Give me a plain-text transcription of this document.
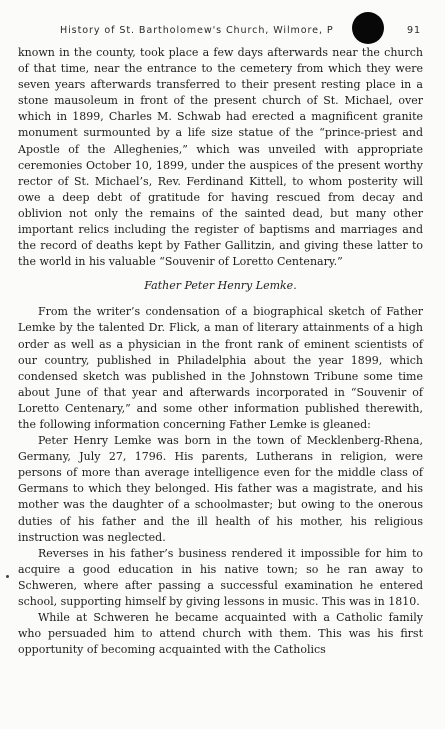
History of St. Bartholomew's Church, Wilmore, P	91

known in the county, took place a few days afterwards near the church of that time, near the entrance to the cemetery from which they were seven years afterwards transferred to their present resting place in a stone mausoleum in front of the present church of St. Michael, over which in 1899, Charles M. Schwab had erected a magnificent granite monument surmounted by a life size statue of the “prince-priest and Apostle of the Alleghenies,” which was unveiled with appropriate ceremonies October 10, 1899, under the auspices of the present worthy rector of St. Michael’s, Rev. Ferdinand Kittell, to whom posterity will owe a deep debt of gratitude for having rescued from decay and oblivion not only the remains of the sainted dead, but many other important relics including the register of baptisms and marriages and the record of deaths kept by Father Gallitzin, and giving these latter to the world in his valuable “Souvenir of Loretto Centenary.”

Father Peter Henry Lemke.

From the writer’s condensation of a biographical sketch of Father Lemke by the talented Dr. Flick, a man of literary attainments of a high order as well as a physician in the front rank of eminent scientists of our country, published in Philadelphia about the year 1899, which condensed sketch was published in the Johnstown Tribune some time about June of that year and afterwards incorporated in “Souvenir of Loretto Centenary,” and some other information published therewith, the following information concerning Father Lemke is gleaned:

Peter Henry Lemke was born in the town of Mecklenberg-Rhena, Germany, July 27, 1796. His parents, Lutherans in religion, were persons of more than average intelligence even for the middle class of Germans to which they belonged. His father was a magistrate, and his mother was the daughter of a schoolmaster; but owing to the onerous duties of his father and the ill health of his mother, his religious instruction was neglected.

Reverses in his father’s business rendered it impossible for him to acquire a good education in his native town; so he ran away to Schweren, where after passing a successful examination he entered school, supporting himself by giving lessons in music. This was in 1810.

While at Schweren he became acquainted with a Catholic family who persuaded him to attend church with them. This was his first opportunity of becoming acquainted with the Catholics
